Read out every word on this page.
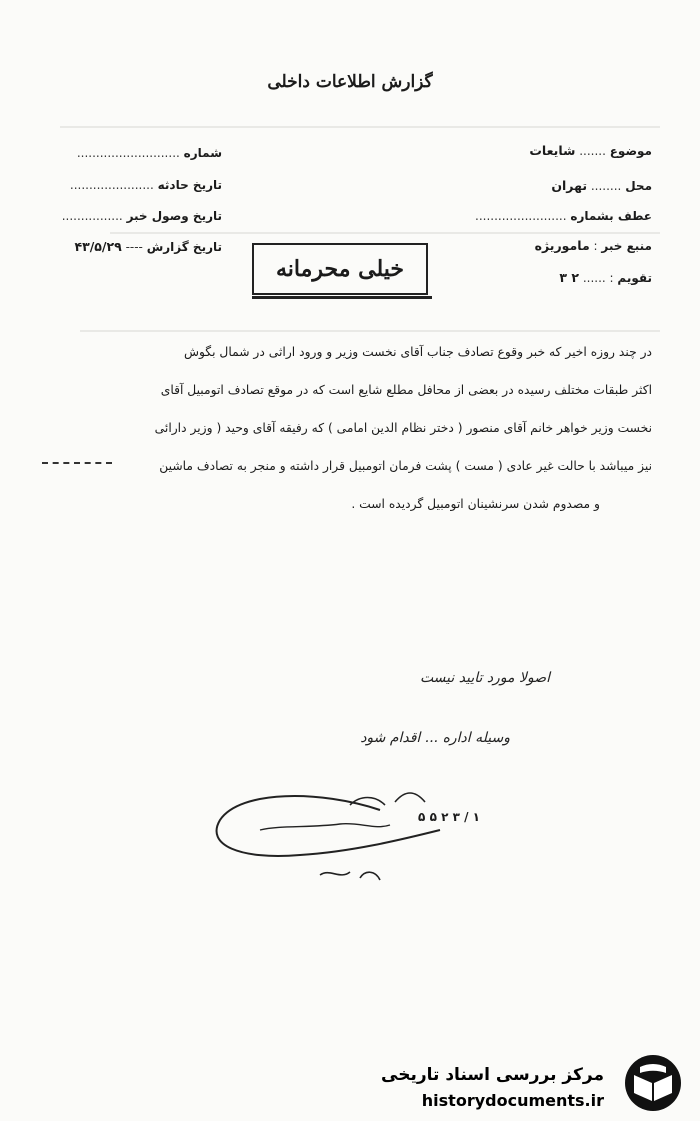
گزارش اطلاعات داخلی
موضوع ....... شایعات
محل ........ تهران
عطف بشماره ........................
منبع خبر : ماموریژه
تقویم : ...... ۲ ۳
شماره ...........................
تاریخ حادثه ......................
تاریخ وصول خبر ................
تاریخ گزارش ---- ۴۳/۵/۲۹
خیلی محرمانه
در چند روزه اخیر که خبر وقوع تصادف جناب آقای نخست وزیر و ورود اراثی در شمال بگوش
اکثر طبقات مختلف رسیده در بعضی از محافل مطلع شایع است که در موقع تصادف اتومبیل آقای
نخست وزیر خواهر خانم آقای منصور ( دختر نظام الدین امامی ) که رفیقه آقای وحید ( وزیر دارائی
نیز میباشد با حالت غیر عادی ( مست ) پشت فرمان اتومبیل قرار داشته و منجر به تصادف ماشین
و مصدوم شدن سرنشینان اتومبیل گردیده است .
اصولا مورد تایید نیست
وسیله اداره ... اقدام شود
۱ / ۳ ۲ ۵ ۵
مرکز بررسی اسناد تاریخی
historydocuments.ir
